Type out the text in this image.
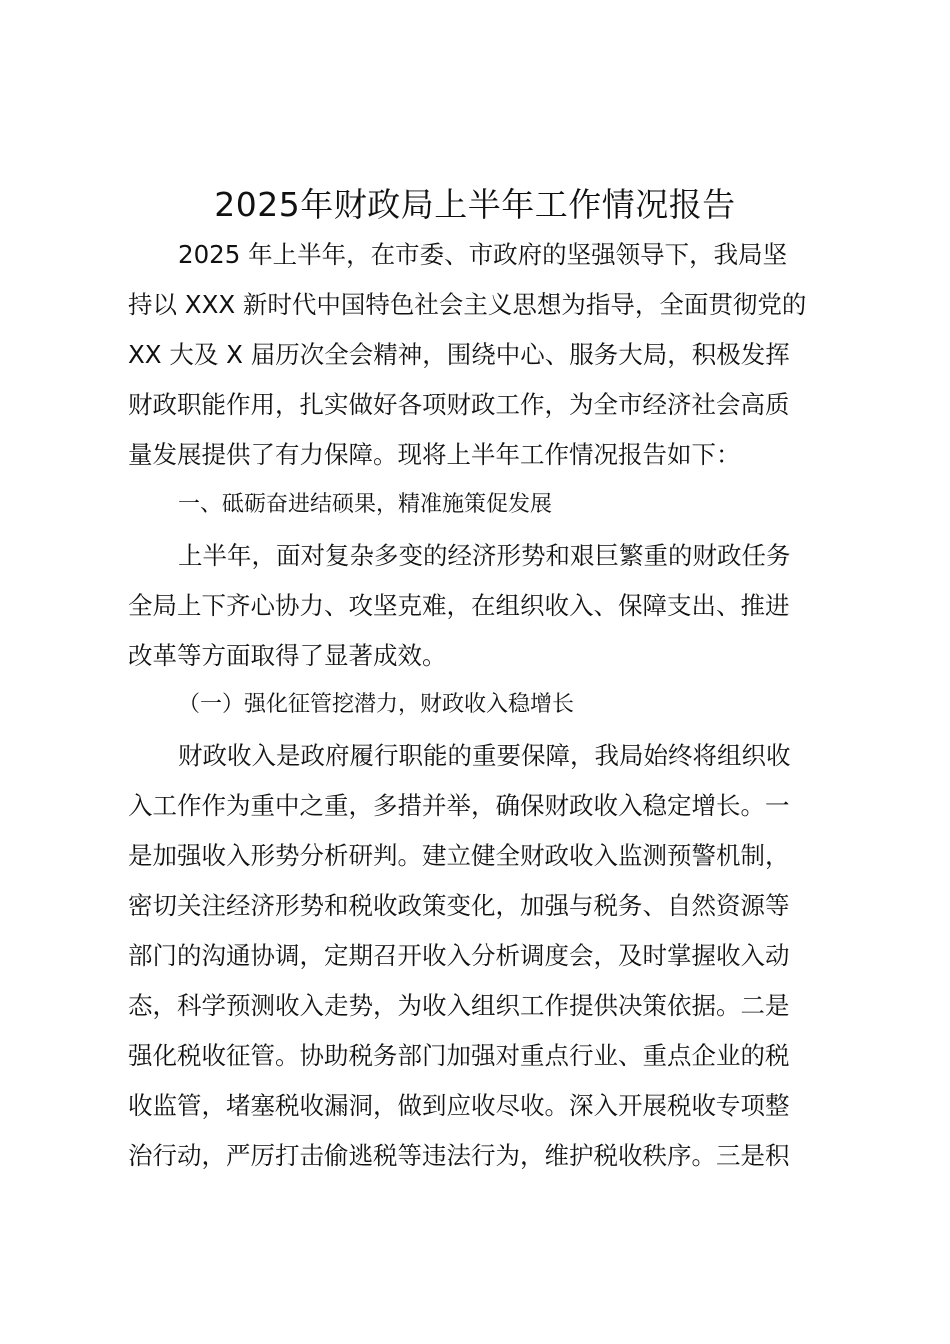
2025年财政局上半年工作情况报告
2025 年上半年，在市委、市政府的坚强领导下，我局坚
持以 XXX 新时代中国特色社会主义思想为指导，全面贯彻党的
XX 大及 X 届历次全会精神，围绕中心、服务大局，积极发挥
财政职能作用，扎实做好各项财政工作，为全市经济社会高质
量发展提供了有力保障。现将上半年工作情况报告如下：
一、砥砺奋进结硕果，精准施策促发展
上半年，面对复杂多变的经济形势和艰巨繁重的财政任务
全局上下齐心协力、攻坚克难，在组织收入、保障支出、推进
改革等方面取得了显著成效。
（一）强化征管挖潜力，财政收入稳增长
财政收入是政府履行职能的重要保障，我局始终将组织收
入工作作为重中之重，多措并举，确保财政收入稳定增长。一
是加强收入形势分析研判。建立健全财政收入监测预警机制，
密切关注经济形势和税收政策变化，加强与税务、自然资源等
部门的沟通协调，定期召开收入分析调度会，及时掌握收入动
态，科学预测收入走势，为收入组织工作提供决策依据。二是
强化税收征管。协助税务部门加强对重点行业、重点企业的税
收监管，堵塞税收漏洞，做到应收尽收。深入开展税收专项整
治行动，严厉打击偷逃税等违法行为，维护税收秩序。三是积
